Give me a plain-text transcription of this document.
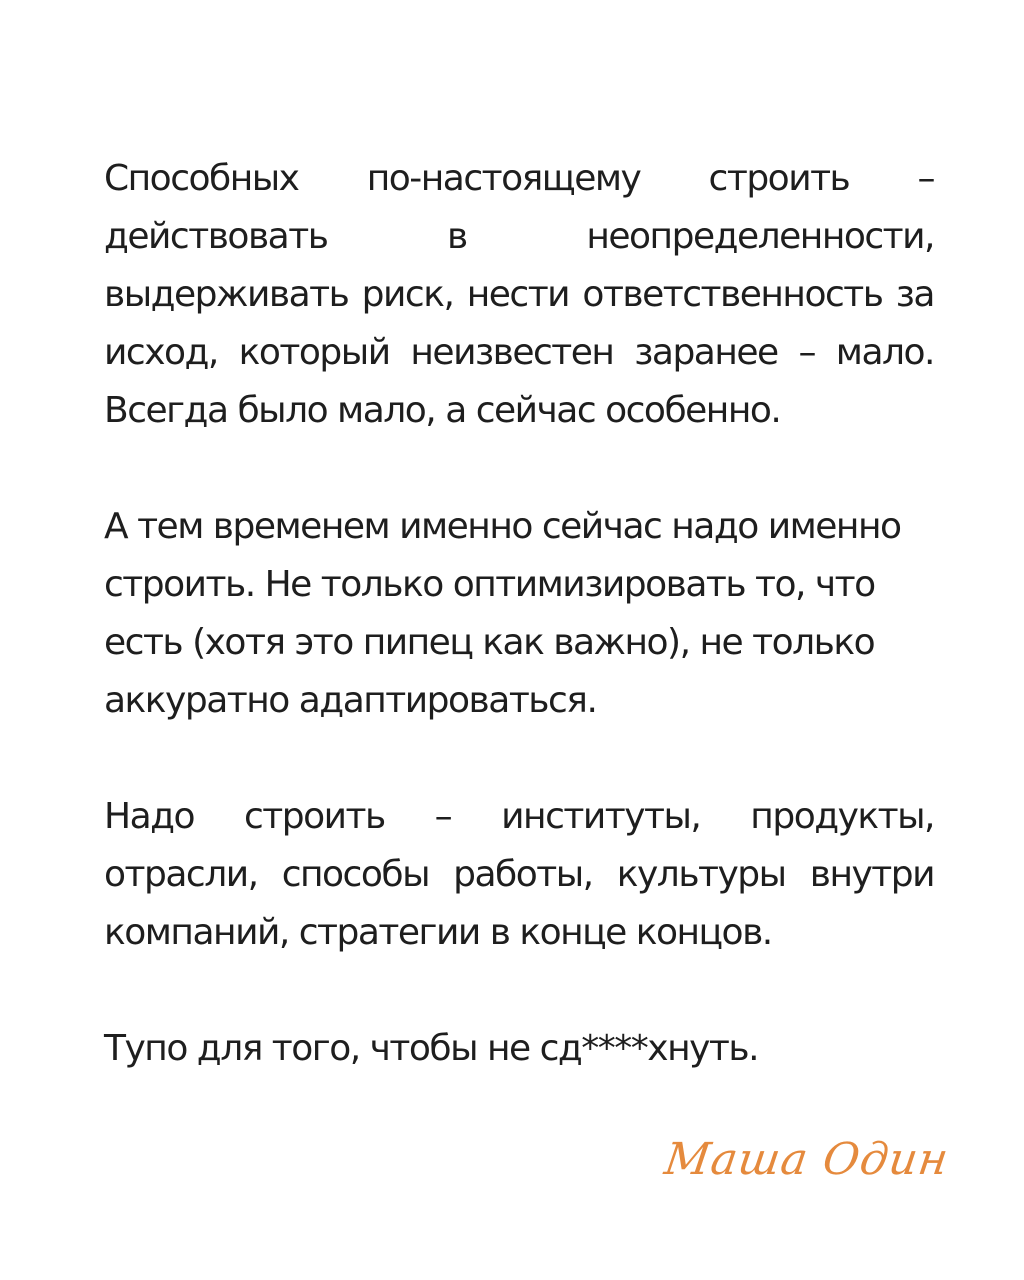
Способных по-настоящему строить – действовать в неопределенности, выдерживать риск, нести ответственность за исход, который неизвестен заранее – мало. Всегда было мало, а сейчас особенно.

А тем временем именно сейчас надо именно строить. Не только оптимизировать то, что есть (хотя это пипец как важно), не только аккуратно адаптироваться.

Надо строить – институты, продукты, отрасли, способы работы, культуры внутри компаний, стратегии в конце концов.

Тупо для того, чтобы не сд****хнуть.

Маша Один
